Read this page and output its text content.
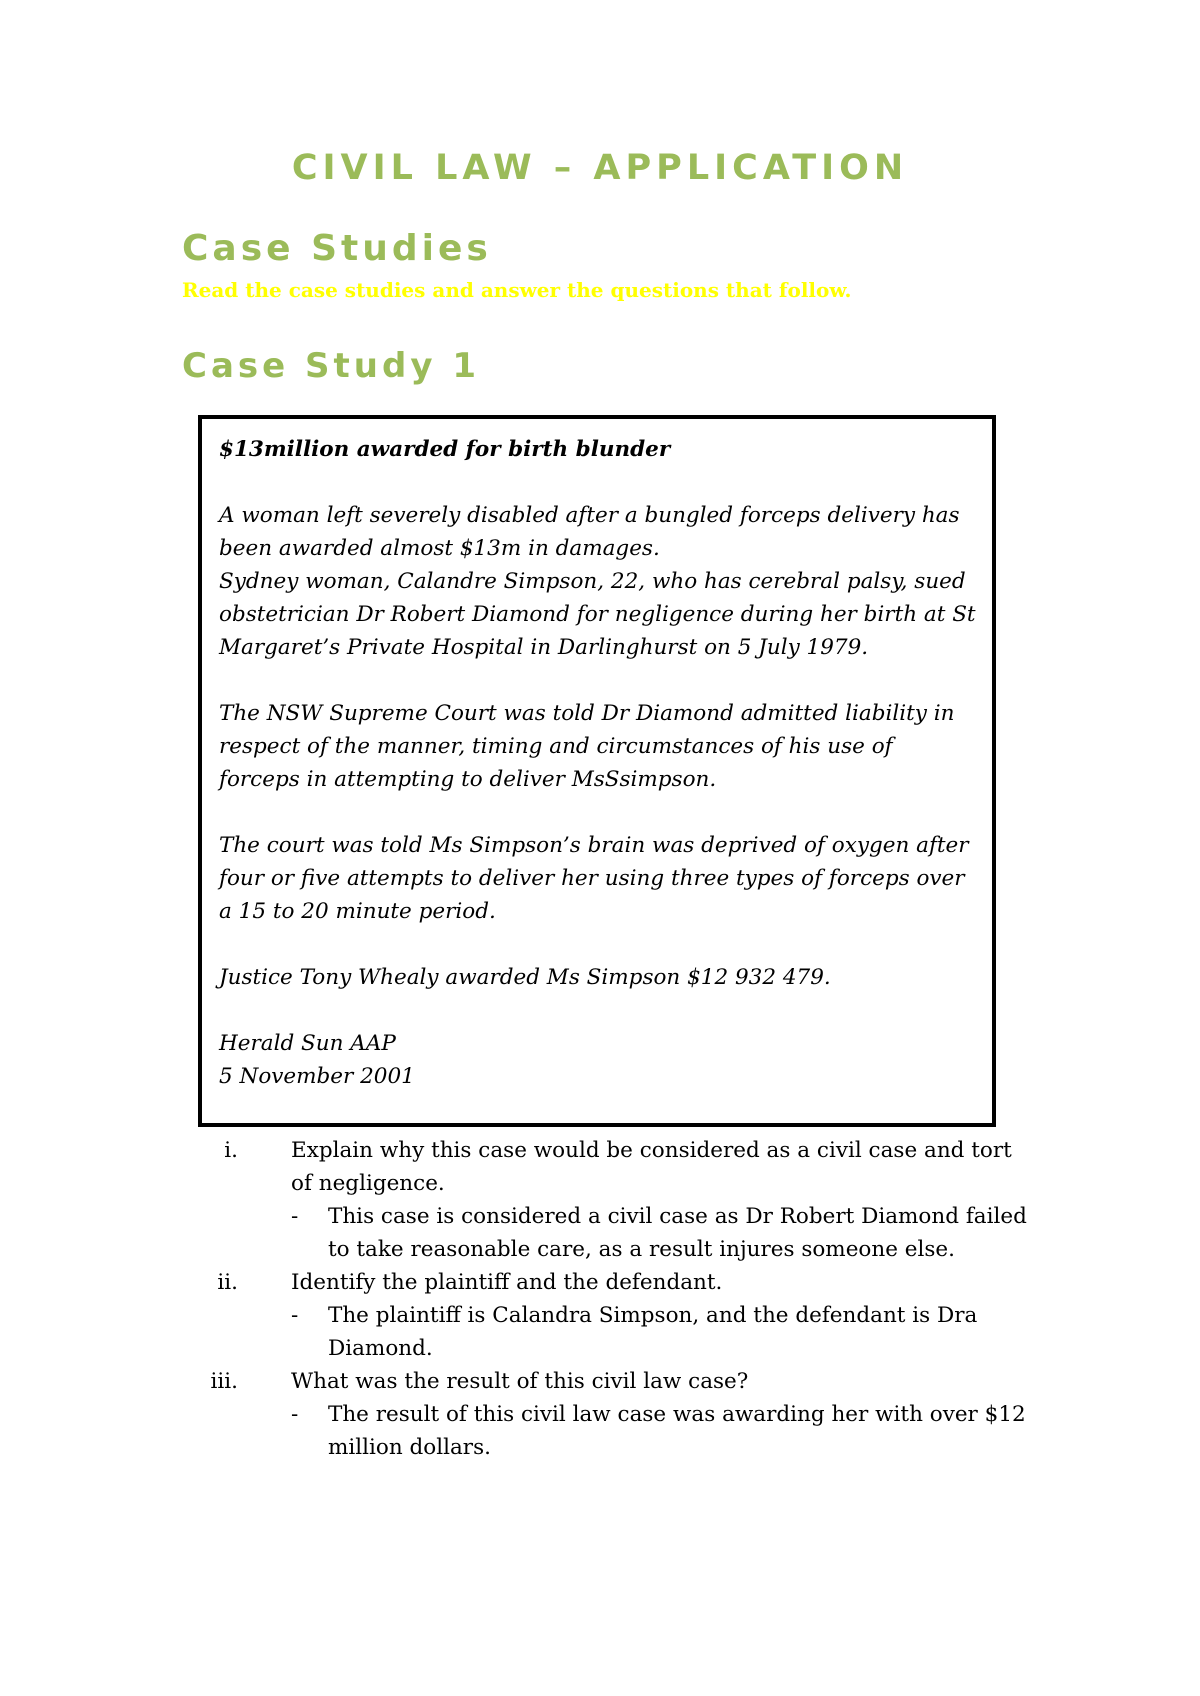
CIVIL LAW – APPLICATION
Case Studies

Read the case studies and answer the questions that follow.

Case Study 1

$13million awarded for birth blunder

A woman left severely disabled after a bungled forceps delivery has been awarded almost $13m in damages.

Sydney woman, Calandre Simpson, 22, who has cerebral palsy, sued obstetrician Dr Robert Diamond for negligence during her birth at St Margaret’s Private Hospital in Darlinghurst on 5 July 1979.

The NSW Supreme Court was told Dr Diamond admitted liability in respect of the manner, timing and circumstances of his use of forceps in attempting to deliver MsSsimpson.

The court was told Ms Simpson’s brain was deprived of oxygen after four or five attempts to deliver her using three types of forceps over a 15 to 20 minute period.

Justice Tony Whealy awarded Ms Simpson $12 932 479.

Herald Sun AAP

5 November 2001

i. Explain why this case would be considered as a civil case and tort of negligence.
- This case is considered a civil case as Dr Robert Diamond failed to take reasonable care, as a result injures someone else.
ii. Identify the plaintiff and the defendant.
- The plaintiff is Calandra Simpson, and the defendant is Dra Diamond.
iii. What was the result of this civil law case?
- The result of this civil law case was awarding her with over $12 million dollars.
